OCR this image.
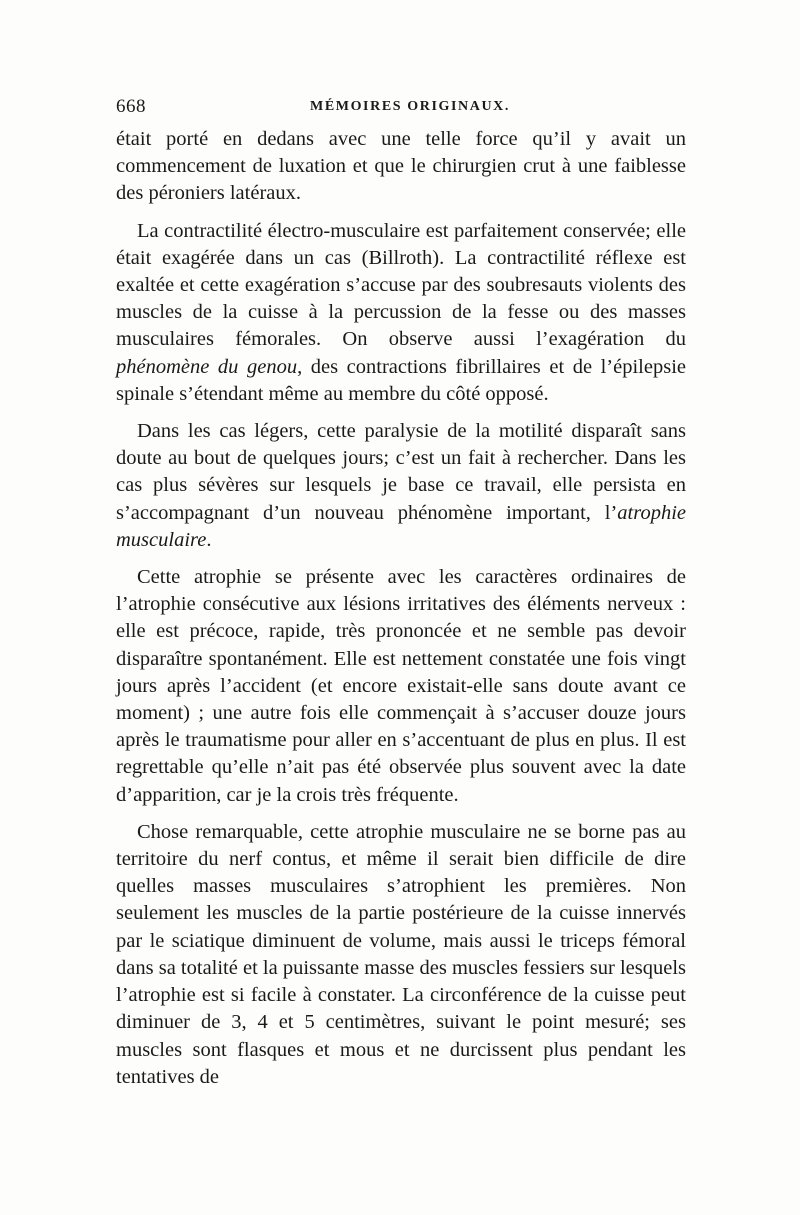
668	MÉMOIRES ORIGINAUX.

était porté en dedans avec une telle force qu’il y avait un commencement de luxation et que le chirurgien crut à une faiblesse des péroniers latéraux.

La contractilité électro-musculaire est parfaitement conservée; elle était exagérée dans un cas (Billroth). La contractilité réflexe est exaltée et cette exagération s’accuse par des soubresauts violents des muscles de la cuisse à la percussion de la fesse ou des masses musculaires fémorales. On observe aussi l’exagération du phénomène du genou, des contractions fibrillaires et de l’épilepsie spinale s’étendant même au membre du côté opposé.

Dans les cas légers, cette paralysie de la motilité disparaît sans doute au bout de quelques jours; c’est un fait à rechercher. Dans les cas plus sévères sur lesquels je base ce travail, elle persista en s’accompagnant d’un nouveau phénomène important, l’atrophie musculaire.

Cette atrophie se présente avec les caractères ordinaires de l’atrophie consécutive aux lésions irritatives des éléments nerveux : elle est précoce, rapide, très prononcée et ne semble pas devoir disparaître spontanément. Elle est nettement constatée une fois vingt jours après l’accident (et encore existait-elle sans doute avant ce moment) ; une autre fois elle commençait à s’accuser douze jours après le traumatisme pour aller en s’accentuant de plus en plus. Il est regrettable qu’elle n’ait pas été observée plus souvent avec la date d’apparition, car je la crois très fréquente.

Chose remarquable, cette atrophie musculaire ne se borne pas au territoire du nerf contus, et même il serait bien difficile de dire quelles masses musculaires s’atrophient les premières. Non seulement les muscles de la partie postérieure de la cuisse innervés par le sciatique diminuent de volume, mais aussi le triceps fémoral dans sa totalité et la puissante masse des muscles fessiers sur lesquels l’atrophie est si facile à constater. La circonférence de la cuisse peut diminuer de 3, 4 et 5 centimètres, suivant le point mesuré; ses muscles sont flasques et mous et ne durcissent plus pendant les tentatives de
